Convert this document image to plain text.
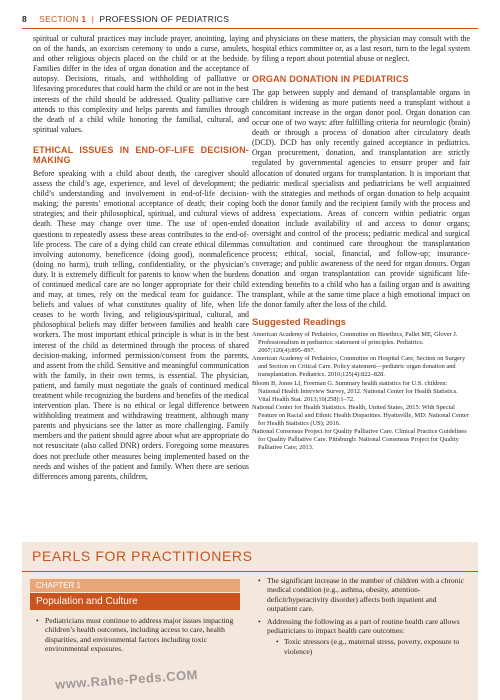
8 SECTION 1 | PROFESSION OF PEDIATRICS

spiritual or cultural practices may include prayer, anointing, laying on of the hands, an exorcism ceremony to undo a curse, amulets, and other religious objects placed on the child or at the bedside. Families differ in the idea of organ donation and the acceptance of autopsy. Decisions, rituals, and withholding of palliative or lifesaving procedures that could harm the child or are not in the best interests of the child should be addressed. Quality palliative care attends to this complexity and helps parents and families through the death of a child while honoring the familial, cultural, and spiritual values.

ETHICAL ISSUES IN END-OF-LIFE DECISION-MAKING

Before speaking with a child about death, the caregiver should assess the child’s age, experience, and level of development; the child’s understanding and involvement in end-of-life decision-making; the parents’ emotional acceptance of death; their coping strategies; and their philosophical, spiritual, and cultural views of death. These may change over time. The use of open-ended questions to repeatedly assess these areas contributes to the end-of-life process. The care of a dying child can create ethical dilemmas involving autonomy, beneficence (doing good), nonmaleficence (doing no harm), truth telling, confidentiality, or the physician’s duty. It is extremely difficult for parents to know when the burdens of continued medical care are no longer appropriate for their child and may, at times, rely on the medical team for guidance. The beliefs and values of what constitutes quality of life, when life ceases to be worth living, and religious/spiritual, cultural, and philosophical beliefs may differ between families and health care workers. The most important ethical principle is what is in the best interest of the child as determined through the process of shared decision-making, informed permission/consent from the parents, and assent from the child. Sensitive and meaningful communication with the family, in their own terms, is essential. The physician, patient, and family must negotiate the goals of continued medical treatment while recognizing the burdens and benefits of the medical intervention plan. There is no ethical or legal difference between withholding treatment and withdrawing treatment, although many parents and physicians see the latter as more challenging. Family members and the patient should agree about what are appropriate do not resuscitate (also called DNR) orders. Foregoing some measures does not preclude other measures being implemented based on the needs and wishes of the patient and family. When there are serious differences among parents, children,

and physicians on these matters, the physician may consult with the hospital ethics committee or, as a last resort, turn to the legal system by filing a report about potential abuse or neglect.

ORGAN DONATION IN PEDIATRICS

The gap between supply and demand of transplantable organs in children is widening as more patients need a transplant without a concomitant increase in the organ donor pool. Organ donation can occur one of two ways: after fulfilling criteria for neurologic (brain) death or through a process of donation after circulatory death (DCD). DCD has only recently gained acceptance in pediatrics. Organ procurement, donation, and transplantation are strictly regulated by governmental agencies to ensure proper and fair allocation of donated organs for transplantation. It is important that pediatric medical specialists and pediatricians be well acquainted with the strategies and methods of organ donation to help acquaint both the donor family and the recipient family with the process and address expectations. Areas of concern within pediatric organ donation include availability of and access to donor organs; oversight and control of the process; pediatric medical and surgical consultation and continued care throughout the transplantation process; ethical, social, financial, and follow-up; insurance-coverage; and public awareness of the need for organ donors. Organ donation and organ transplantation can provide significant life-extending benefits to a child who has a failing organ and is awaiting transplant, while at the same time place a high emotional impact on the donor family after the loss of the child.

Suggested Readings
American Academy of Pediatrics, Committee on Bioethics, Pallet ME, Glover J. Professionalism in pediatrics: statement of principles. Pediatrics. 2007;120(4):895–897.
American Academy of Pediatrics, Committee on Hospital Care, Section on Surgery and Section on Critical Care. Policy statement—pediatric organ donation and transplantation. Pediatrics. 2010;125(4):822–828.
Bloom B, Jones LI, Freeman G. Summary health statistics for U.S. children: National Health Interview Survey, 2012. National Center for Health Statistics. Vital Health Stat. 2013;10(258):1–72.
National Center for Health Statistics. Health, United States, 2015: With Special Feature on Racial and Ethnic Health Disparities. Hyattsville, MD: National Center for Health Statistics (US); 2016.
National Consensus Project for Quality Palliative Care. Clinical Practice Guidelines for Quality Palliative Care. Pittsburgh: National Consensus Project for Quality Palliative Care; 2013.
PEARLS FOR PRACTITIONERS
CHAPTER 1
Population and Culture
• Pediatricians must continue to address major issues impacting children’s health outcomes, including access to care, health disparities, and environmental factors including toxic environmental exposures.
• The significant increase in the number of children with a chronic medical condition (e.g., asthma, obesity, attention-deficit/hyperactivity disorder) affects both inpatient and outpatient care.
• Addressing the following as a part of routine health care allows pediatricians to impact health care outcomes:
• Toxic stressors (e.g., maternal stress, poverty, exposure to violence)
www.Rahe-Peds.COM
